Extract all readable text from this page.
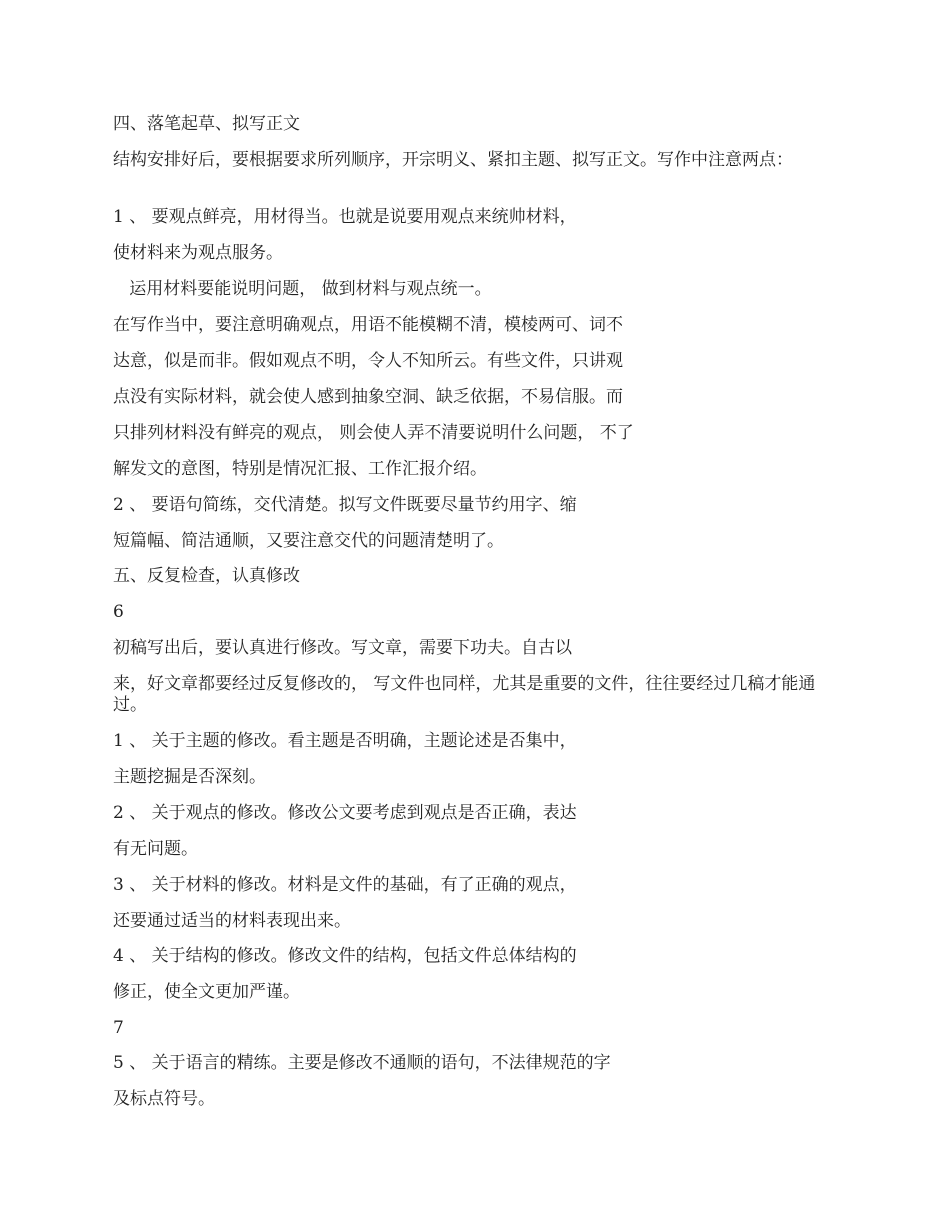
四、落笔起草、拟写正文

结构安排好后，要根据要求所列顺序，开宗明义、紧扣主题、拟写正文。写作中注意两点：

1 、 要观点鲜亮，用材得当。也就是说要用观点来统帅材料，

使材料来为观点服务。

运用材料要能说明问题， 做到材料与观点统一。

在写作当中，要注意明确观点，用语不能模糊不清，模棱两可、词不

达意，似是而非。假如观点不明，令人不知所云。有些文件，只讲观

点没有实际材料，就会使人感到抽象空洞、缺乏依据，不易信服。而

只排列材料没有鲜亮的观点， 则会使人弄不清要说明什么问题， 不了

解发文的意图，特别是情况汇报、工作汇报介绍。

2 、 要语句简练，交代清楚。拟写文件既要尽量节约用字、缩

短篇幅、简洁通顺，又要注意交代的问题清楚明了。

五、反复检查，认真修改

6

初稿写出后，要认真进行修改。写文章，需要下功夫。自古以

来，好文章都要经过反复修改的， 写文件也同样，尤其是重要的文件，往往要经过几稿才能通过。

1 、 关于主题的修改。看主题是否明确，主题论述是否集中，

主题挖掘是否深刻。

2 、 关于观点的修改。修改公文要考虑到观点是否正确，表达

有无问题。

3 、 关于材料的修改。材料是文件的基础，有了正确的观点，

还要通过适当的材料表现出来。

4 、 关于结构的修改。修改文件的结构，包括文件总体结构的

修正，使全文更加严谨。

7

5 、 关于语言的精练。主要是修改不通顺的语句，不法律规范的字

及标点符号。
